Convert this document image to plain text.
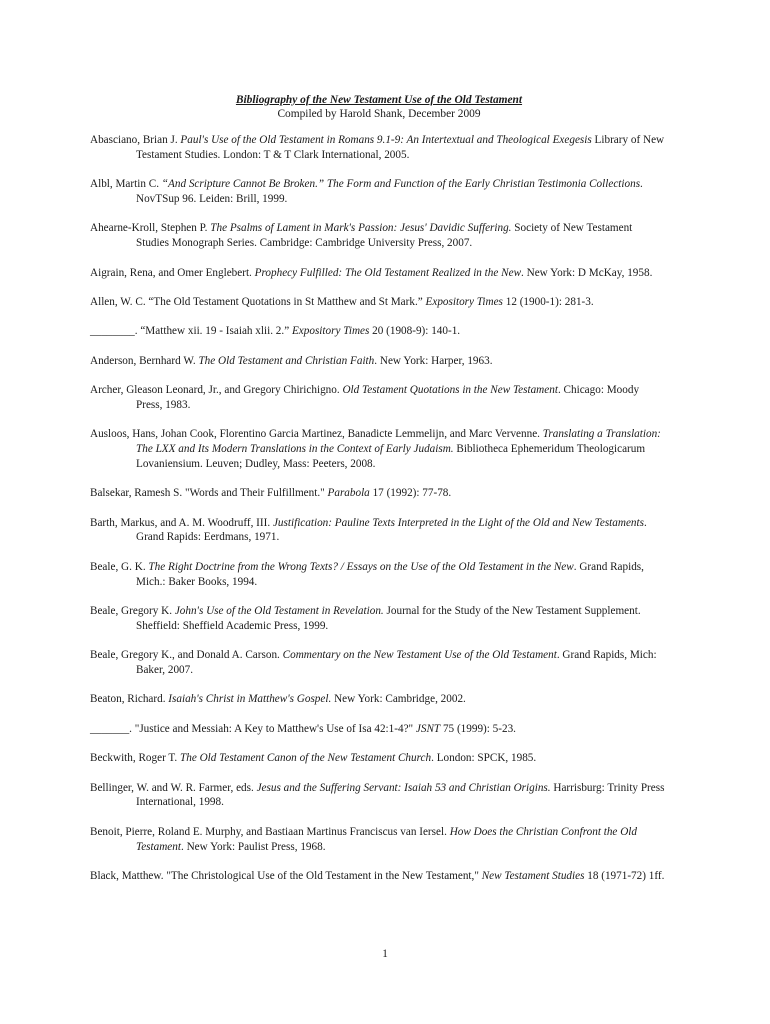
Bibliography of the New Testament Use of the Old Testament
Compiled by Harold Shank, December 2009

Abasciano, Brian J. Paul's Use of the Old Testament in Romans 9.1-9: An Intertextual and Theological Exegesis Library of New Testament Studies. London: T & T Clark International, 2005.

Albl, Martin C. “And Scripture Cannot Be Broken.” The Form and Function of the Early Christian Testimonia Collections. NovTSup 96. Leiden: Brill, 1999.

Ahearne-Kroll, Stephen P. The Psalms of Lament in Mark's Passion: Jesus' Davidic Suffering. Society of New Testament Studies Monograph Series. Cambridge: Cambridge University Press, 2007.

Aigrain, Rena, and Omer Englebert. Prophecy Fulfilled: The Old Testament Realized in the New. New York: D McKay, 1958.

Allen, W. C. “The Old Testament Quotations in St Matthew and St Mark.” Expository Times 12 (1900-1): 281-3.

________. “Matthew xii. 19 - Isaiah xlii. 2.” Expository Times 20 (1908-9): 140-1.

Anderson, Bernhard W. The Old Testament and Christian Faith. New York: Harper, 1963.

Archer, Gleason Leonard, Jr., and Gregory Chirichigno. Old Testament Quotations in the New Testament. Chicago: Moody Press, 1983.

Ausloos, Hans, Johan Cook, Florentino Garcia Martinez, Banadicte Lemmelijn, and Marc Vervenne. Translating a Translation: The LXX and Its Modern Translations in the Context of Early Judaism. Bibliotheca Ephemeridum Theologicarum Lovaniensium. Leuven; Dudley, Mass: Peeters, 2008.

Balsekar, Ramesh S. "Words and Their Fulfillment." Parabola 17 (1992): 77-78.

Barth, Markus, and A. M. Woodruff, III. Justification: Pauline Texts Interpreted in the Light of the Old and New Testaments. Grand Rapids: Eerdmans, 1971.

Beale, G. K. The Right Doctrine from the Wrong Texts? / Essays on the Use of the Old Testament in the New. Grand Rapids, Mich.: Baker Books, 1994.

Beale, Gregory K. John's Use of the Old Testament in Revelation. Journal for the Study of the New Testament Supplement. Sheffield: Sheffield Academic Press, 1999.

Beale, Gregory K., and Donald A. Carson. Commentary on the New Testament Use of the Old Testament. Grand Rapids, Mich: Baker, 2007.

Beaton, Richard. Isaiah's Christ in Matthew's Gospel. New York: Cambridge, 2002.

_______. "Justice and Messiah: A Key to Matthew's Use of Isa 42:1-4?" JSNT 75 (1999): 5-23.

Beckwith, Roger T. The Old Testament Canon of the New Testament Church. London: SPCK, 1985.

Bellinger, W. and W. R. Farmer, eds. Jesus and the Suffering Servant: Isaiah 53 and Christian Origins. Harrisburg: Trinity Press International, 1998.

Benoit, Pierre, Roland E. Murphy, and Bastiaan Martinus Franciscus van Iersel. How Does the Christian Confront the Old Testament. New York: Paulist Press, 1968.

Black, Matthew. "The Christological Use of the Old Testament in the New Testament," New Testament Studies 18 (1971-72) 1ff.

1
